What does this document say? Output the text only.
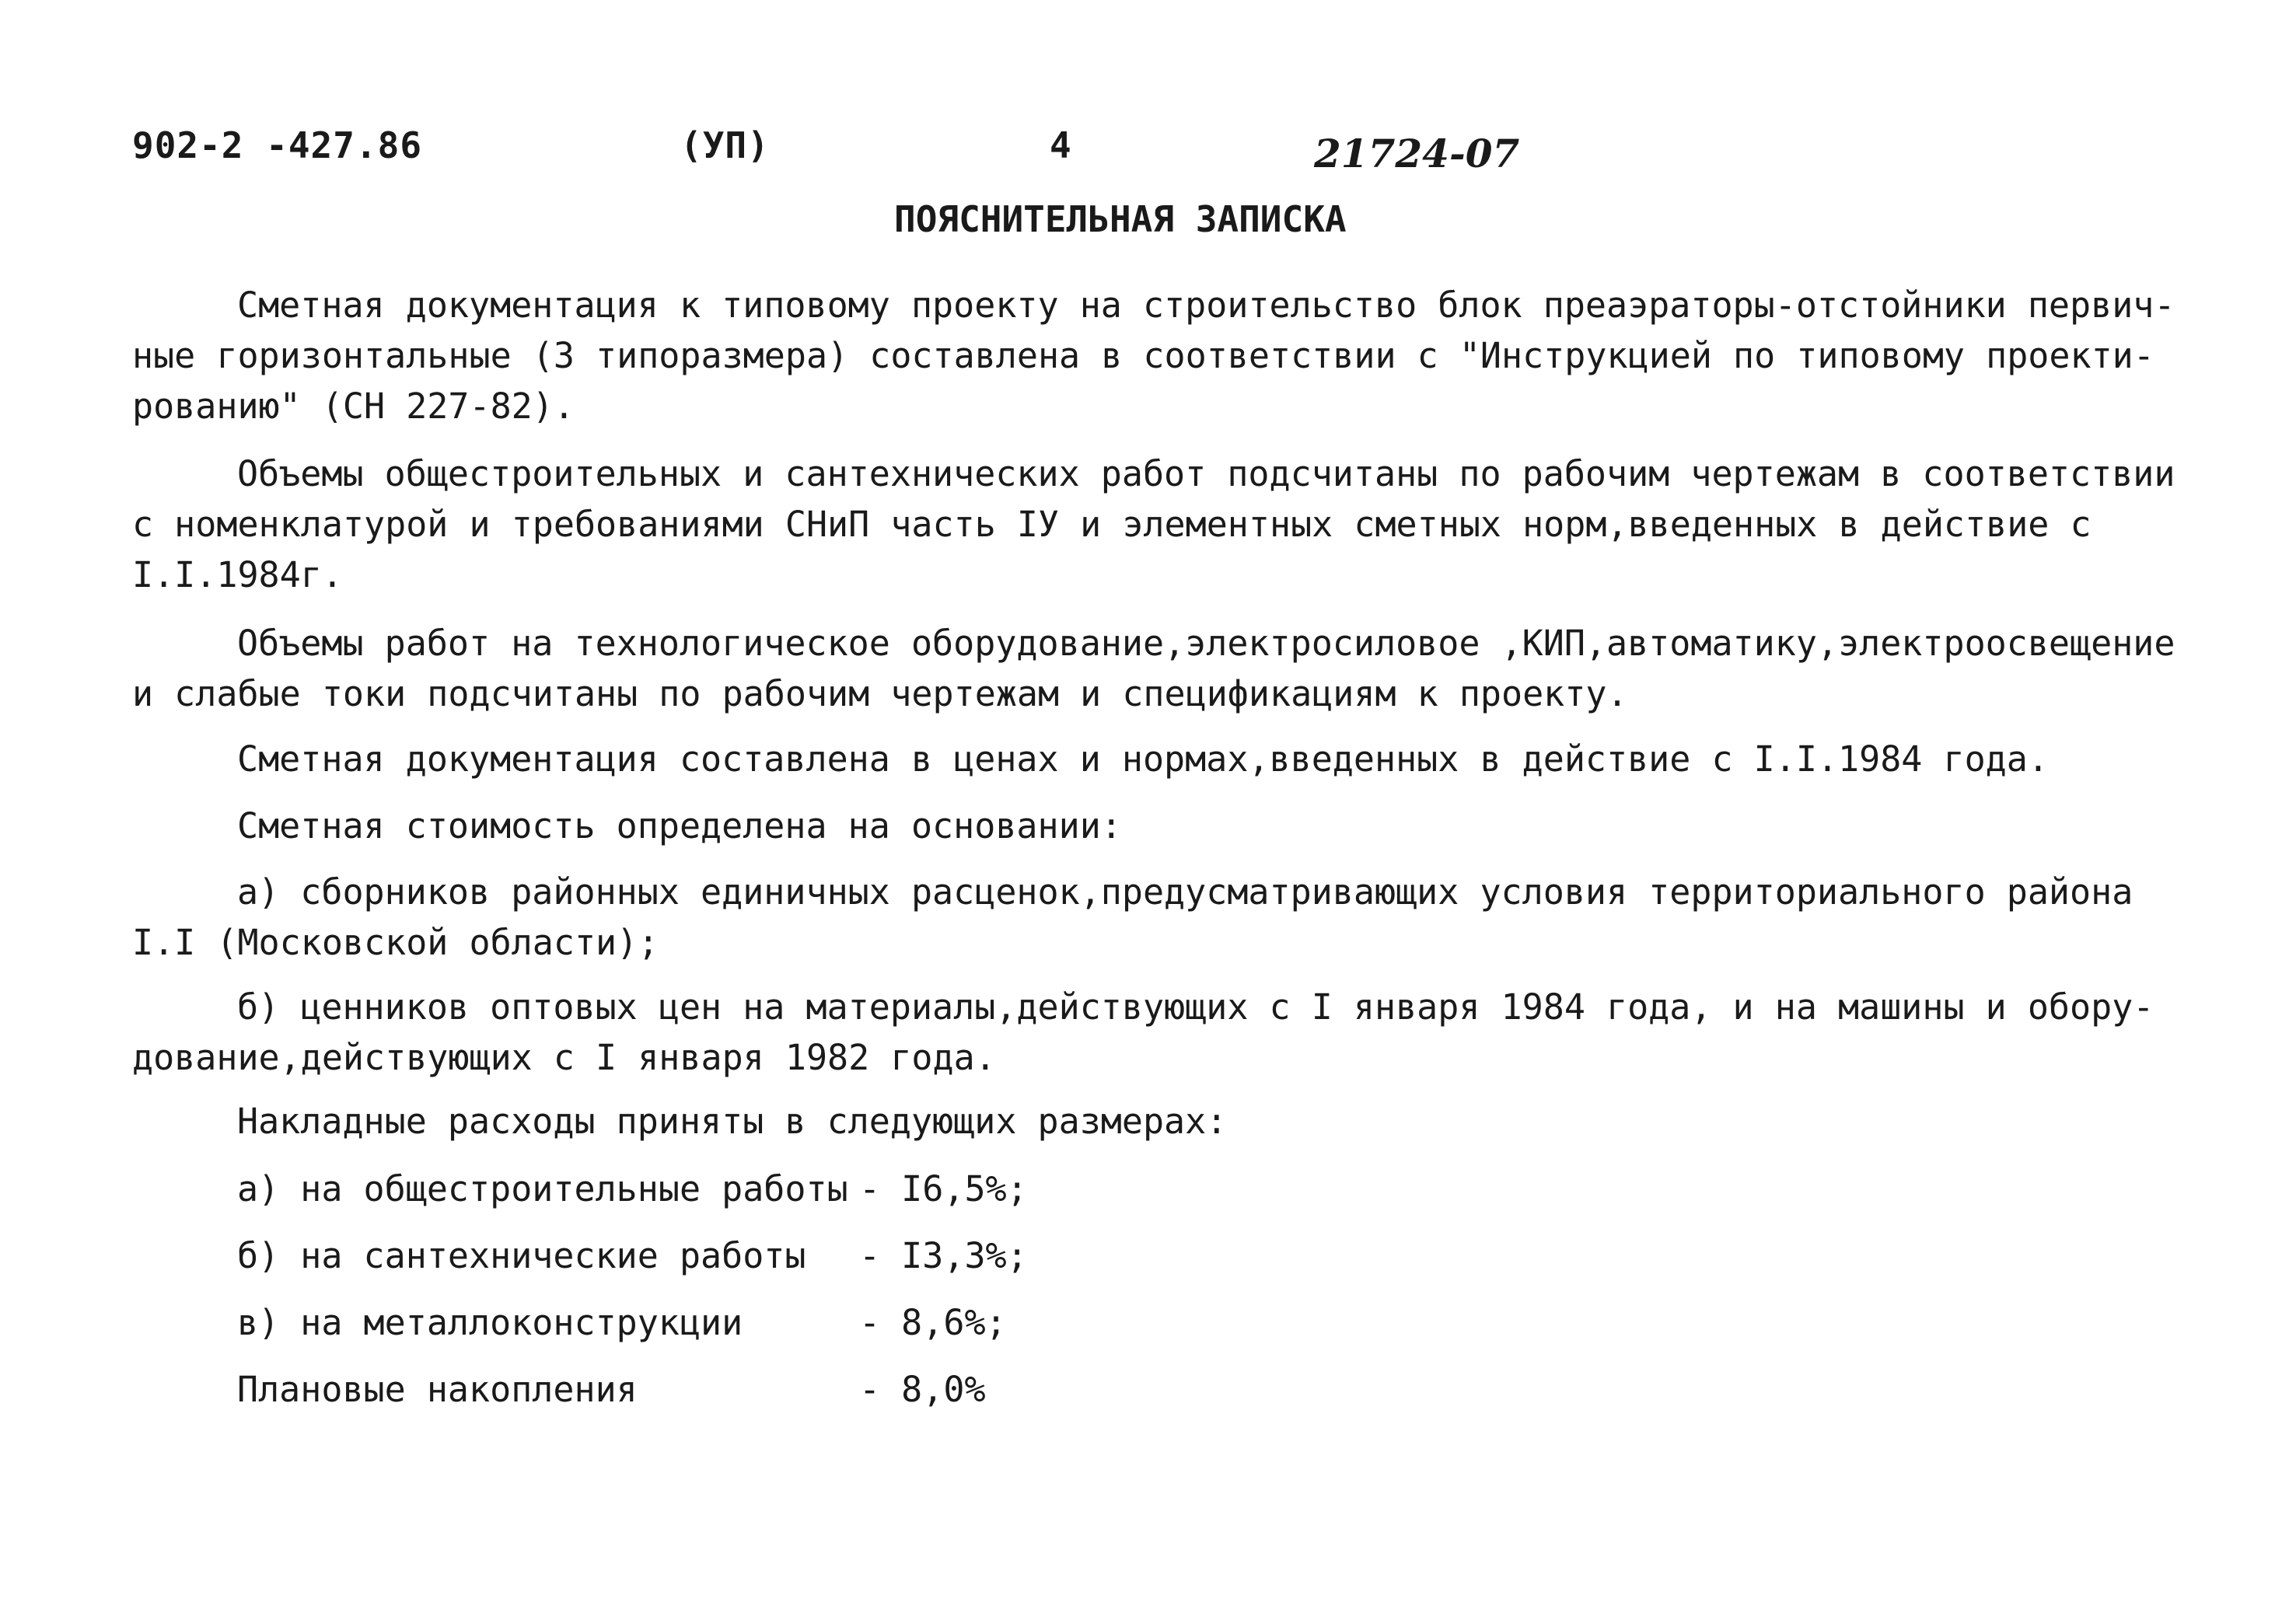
902-2 -427.86	(УП)	4	21724-07
ПОЯСНИТЕЛЬНАЯ ЗАПИСКА

Сметная документация к типовому проекту на строительство блок преаэраторы-отстойники первич-
ные горизонтальные (3 типоразмера) составлена в соответствии с "Инструкцией по типовому проекти-
рованию" (СН 227-82).

Объемы общестроительных и сантехнических работ подсчитаны по рабочим чертежам в соответствии
с номенклатурой и требованиями СНиП часть IУ и элементных сметных норм,введенных в действие с
I.I.1984г.

Объемы работ на технологическое оборудование,электросиловое ,КИП,автоматику,электроосвещение
и слабые токи подсчитаны по рабочим чертежам и спецификациям к проекту.

Сметная документация составлена в ценах и нормах,введенных в действие с I.I.1984 года.

Сметная стоимость определена на основании:

а) сборников районных единичных расценок,предусматривающих условия территориального района
I.I (Московской области);

б) ценников оптовых цен на материалы,действующих с I января 1984 года, и на машины и обору-
дование,действующих с I января 1982 года.

Накладные расходы приняты в следующих размерах:

а) на общестроительные работы - I6,5%;
б) на сантехнические работы - I3,3%;
в) на металлоконструкции	- 8,6%;
Плановые накопления	- 8,0%
